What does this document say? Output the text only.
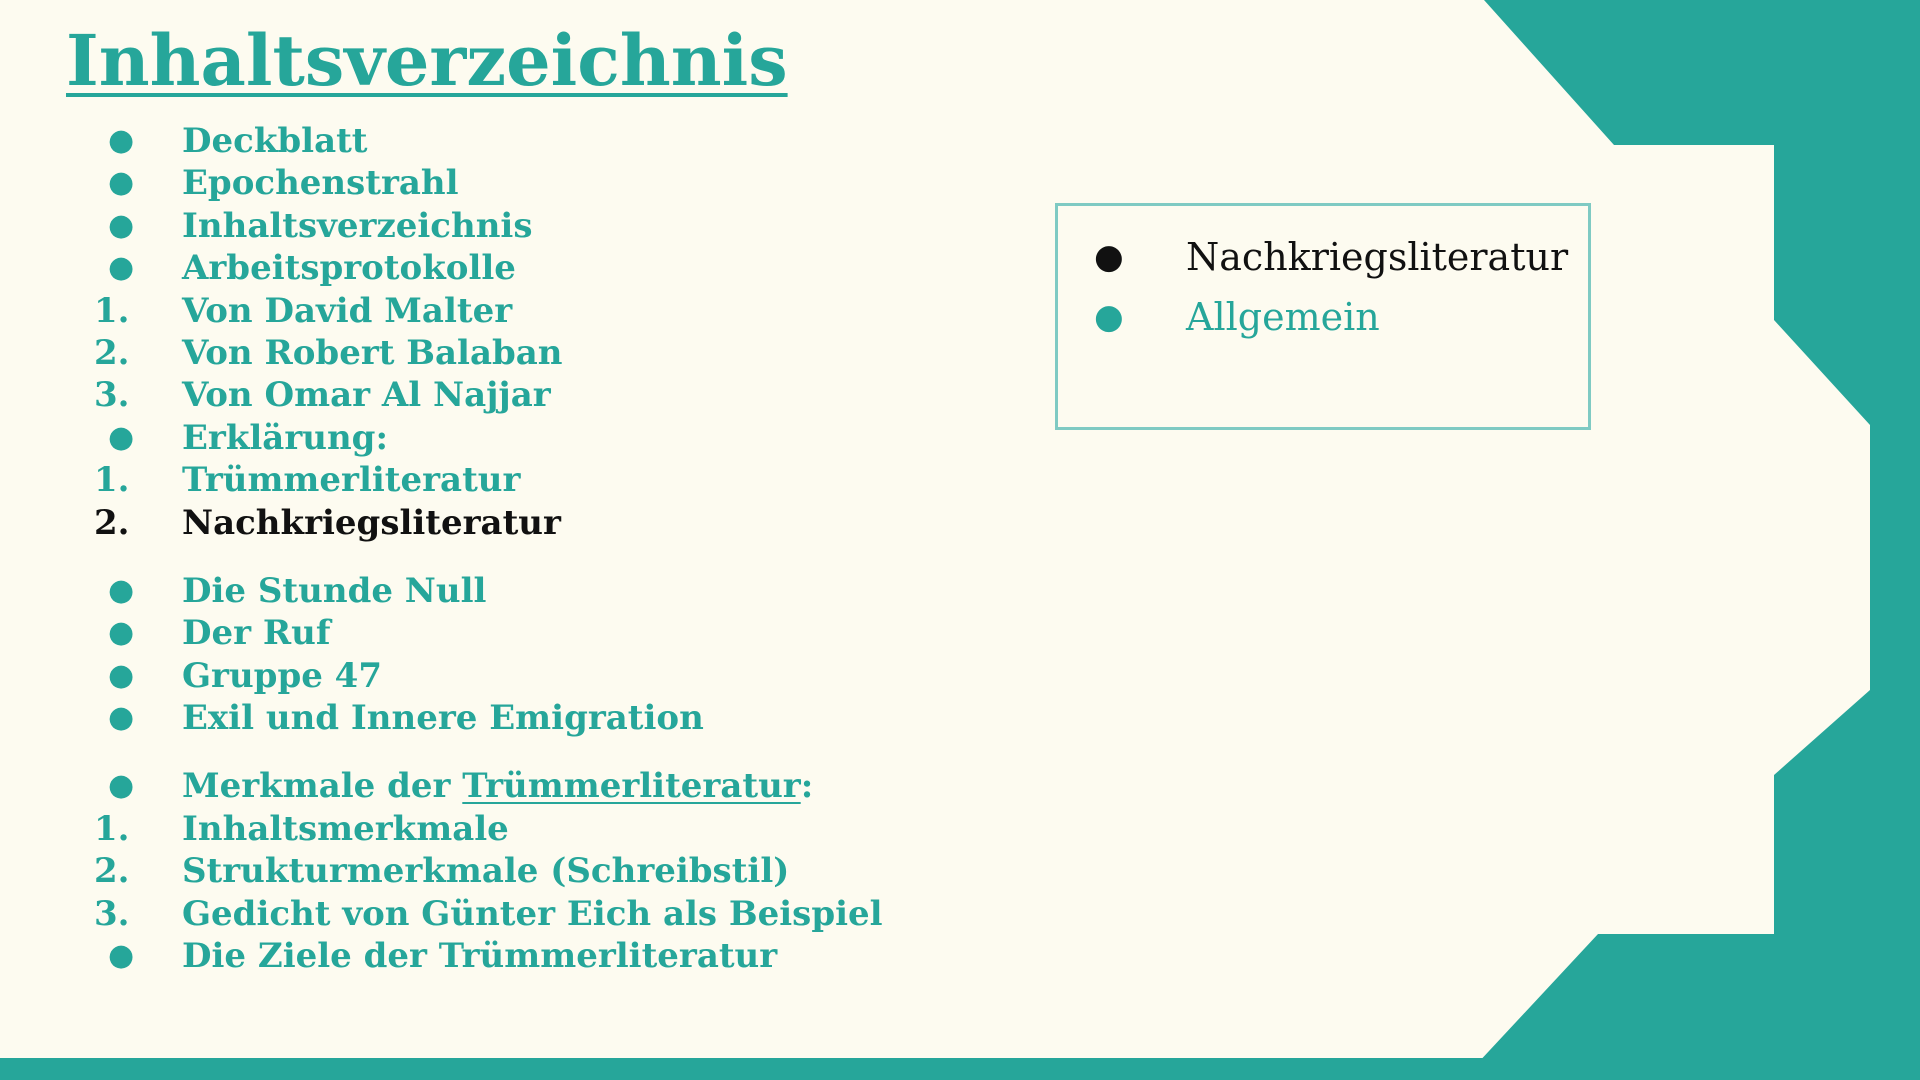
Inhaltsverzeichnis
●	Deckblatt
●	Epochenstrahl
●	Inhaltsverzeichnis
●	Arbeitsprotokolle
1.	Von David Malter
2.	Von Robert Balaban
3.	Von Omar Al Najjar
●	Erklärung:
1.	Trümmerliteratur
2.	Nachkriegsliteratur
●	Die Stunde Null
●	Der Ruf
●	Gruppe 47
●	Exil und Innere Emigration
●	Merkmale der Trümmerliteratur:
1.	Inhaltsmerkmale
2.	Strukturmerkmale (Schreibstil)
3.	Gedicht von Günter Eich als Beispiel
●	Die Ziele der Trümmerliteratur
● Nachkriegsliteratur
● Allgemein
